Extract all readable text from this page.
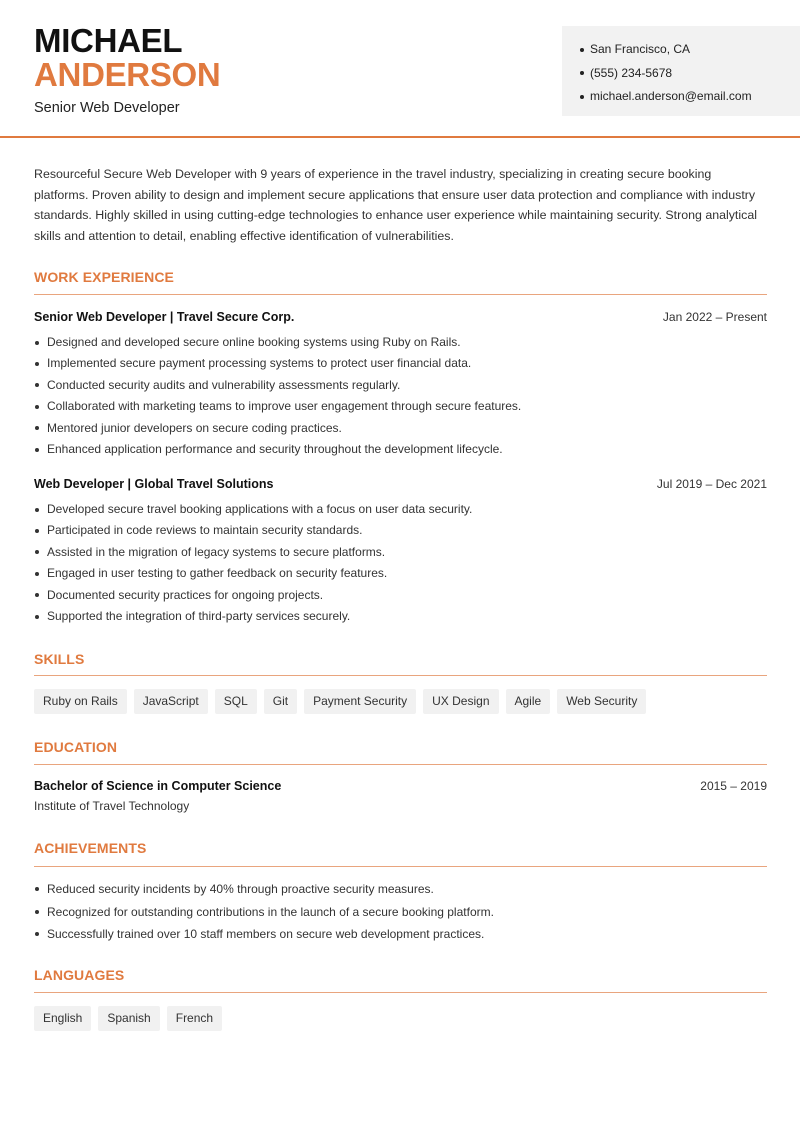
MICHAEL
ANDERSON
Senior Web Developer
San Francisco, CA
(555) 234-5678
michael.anderson@email.com
Resourceful Secure Web Developer with 9 years of experience in the travel industry, specializing in creating secure booking platforms. Proven ability to design and implement secure applications that ensure user data protection and compliance with industry standards. Highly skilled in using cutting-edge technologies to enhance user experience while maintaining security. Strong analytical skills and attention to detail, enabling effective identification of vulnerabilities.
WORK EXPERIENCE
Senior Web Developer | Travel Secure Corp.	Jan 2022 – Present
Designed and developed secure online booking systems using Ruby on Rails.
Implemented secure payment processing systems to protect user financial data.
Conducted security audits and vulnerability assessments regularly.
Collaborated with marketing teams to improve user engagement through secure features.
Mentored junior developers on secure coding practices.
Enhanced application performance and security throughout the development lifecycle.
Web Developer | Global Travel Solutions	Jul 2019 – Dec 2021
Developed secure travel booking applications with a focus on user data security.
Participated in code reviews to maintain security standards.
Assisted in the migration of legacy systems to secure platforms.
Engaged in user testing to gather feedback on security features.
Documented security practices for ongoing projects.
Supported the integration of third-party services securely.
SKILLS
Ruby on Rails	JavaScript	SQL	Git	Payment Security	UX Design	Agile	Web Security
EDUCATION
Bachelor of Science in Computer Science	2015 – 2019
Institute of Travel Technology
ACHIEVEMENTS
Reduced security incidents by 40% through proactive security measures.
Recognized for outstanding contributions in the launch of a secure booking platform.
Successfully trained over 10 staff members on secure web development practices.
LANGUAGES
English	Spanish	French
